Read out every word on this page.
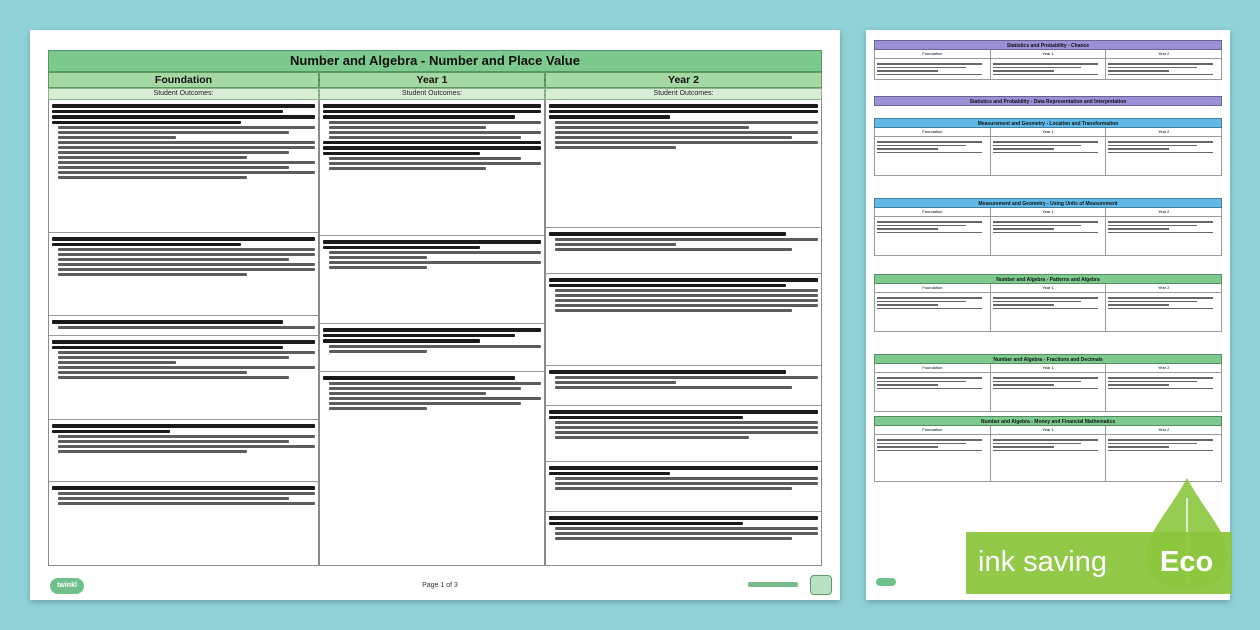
Number and Algebra - Number and Place Value
Foundation	Year 1	Year 2
Student Outcomes:	Student Outcomes:	Student Outcomes:
twinkl	Page 1 of 3
Statistics and Probability - Chance
Foundation	Year 1	Year 2
Statistics and Probability - Data Representation and Interpretation
Measurement and Geometry - Location and Transformation
Foundation	Year 1	Year 2
Measurement and Geometry - Using Units of Measurement
Foundation	Year 1	Year 2
Number and Algebra - Patterns and Algebra
Foundation	Year 1	Year 2
Number and Algebra - Fractions and Decimals
Foundation	Year 1	Year 2
Number and Algebra - Money and Financial Mathematics
Foundation	Year 1	Year 2
ink saving Eco
